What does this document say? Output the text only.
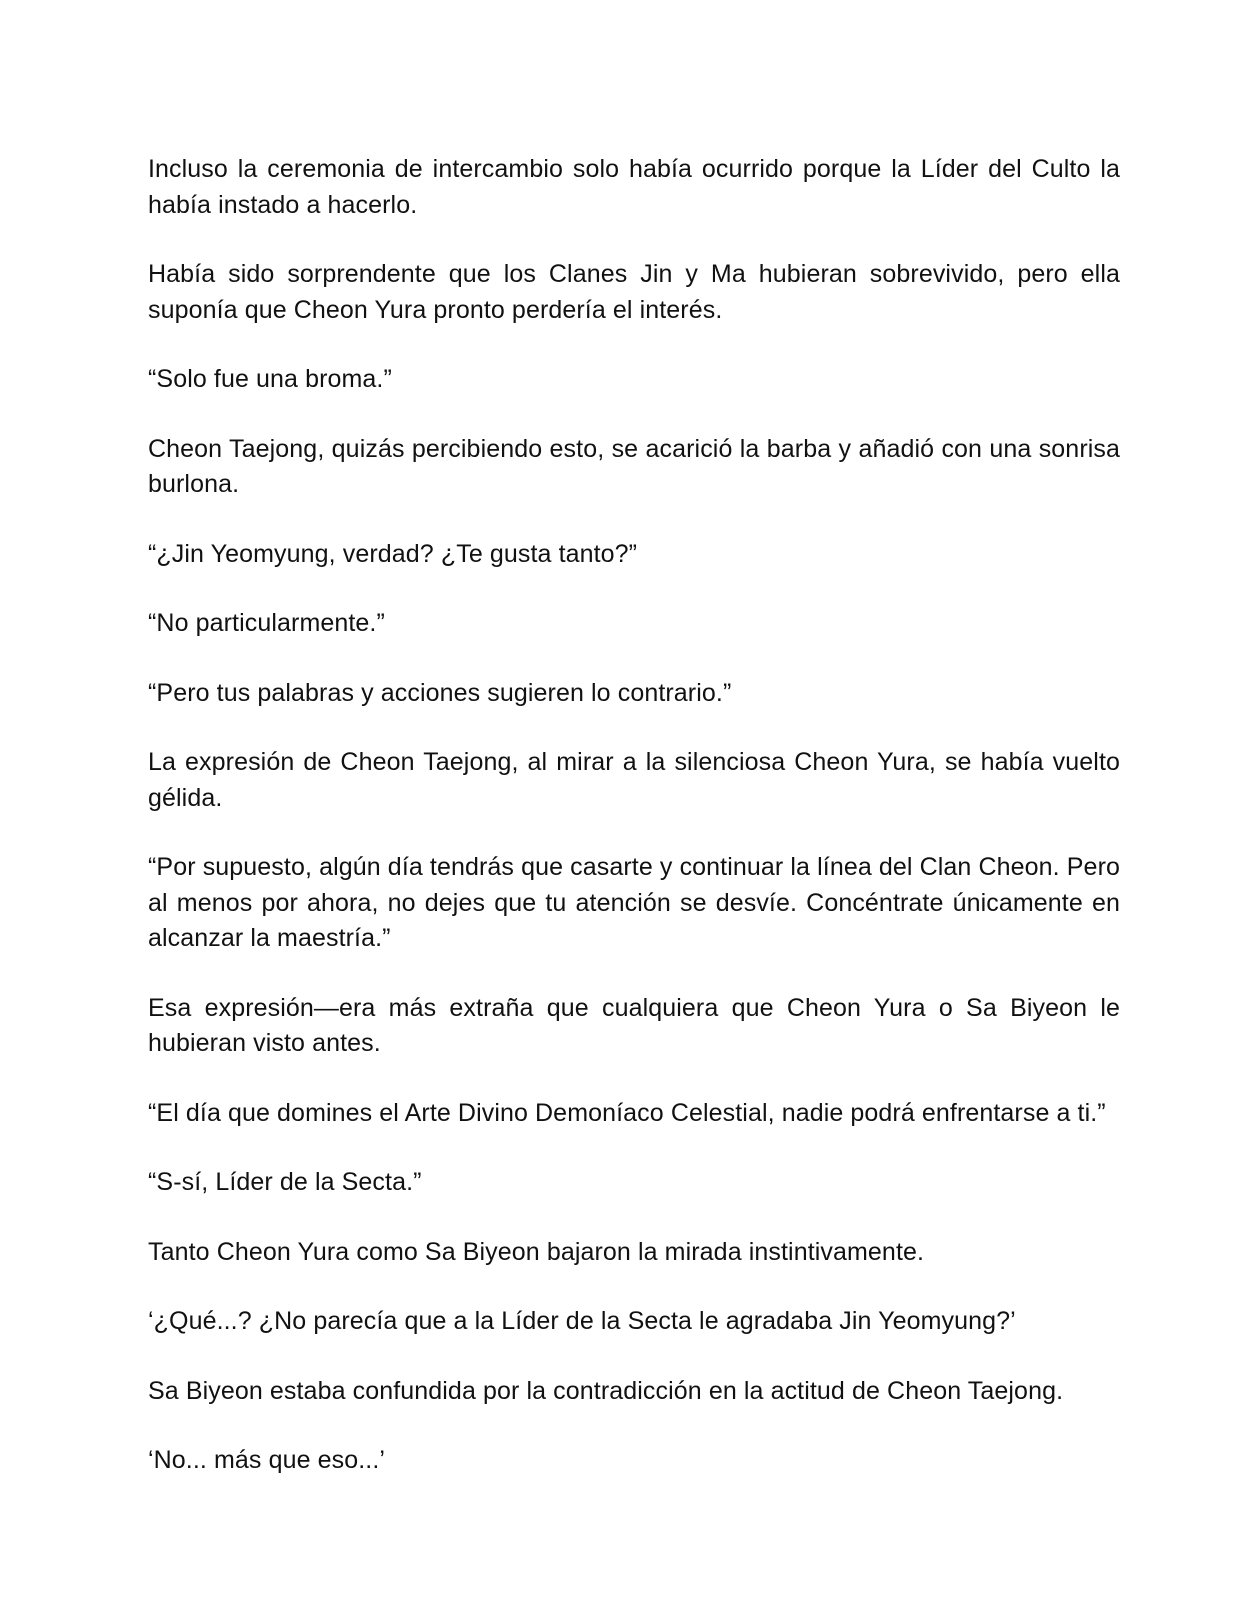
Incluso la ceremonia de intercambio solo había ocurrido porque la Líder del Culto la había instado a hacerlo.

Había sido sorprendente que los Clanes Jin y Ma hubieran sobrevivido, pero ella suponía que Cheon Yura pronto perdería el interés.

“Solo fue una broma.”

Cheon Taejong, quizás percibiendo esto, se acarició la barba y añadió con una sonrisa burlona.

“¿Jin Yeomyung, verdad? ¿Te gusta tanto?”

“No particularmente.”

“Pero tus palabras y acciones sugieren lo contrario.”

La expresión de Cheon Taejong, al mirar a la silenciosa Cheon Yura, se había vuelto gélida.

“Por supuesto, algún día tendrás que casarte y continuar la línea del Clan Cheon. Pero al menos por ahora, no dejes que tu atención se desvíe. Concéntrate únicamente en alcanzar la maestría.”

Esa expresión—era más extraña que cualquiera que Cheon Yura o Sa Biyeon le hubieran visto antes.

“El día que domines el Arte Divino Demoníaco Celestial, nadie podrá enfrentarse a ti.”

“S-sí, Líder de la Secta.”

Tanto Cheon Yura como Sa Biyeon bajaron la mirada instintivamente.

‘¿Qué...? ¿No parecía que a la Líder de la Secta le agradaba Jin Yeomyung?’

Sa Biyeon estaba confundida por la contradicción en la actitud de Cheon Taejong.

‘No... más que eso...’
